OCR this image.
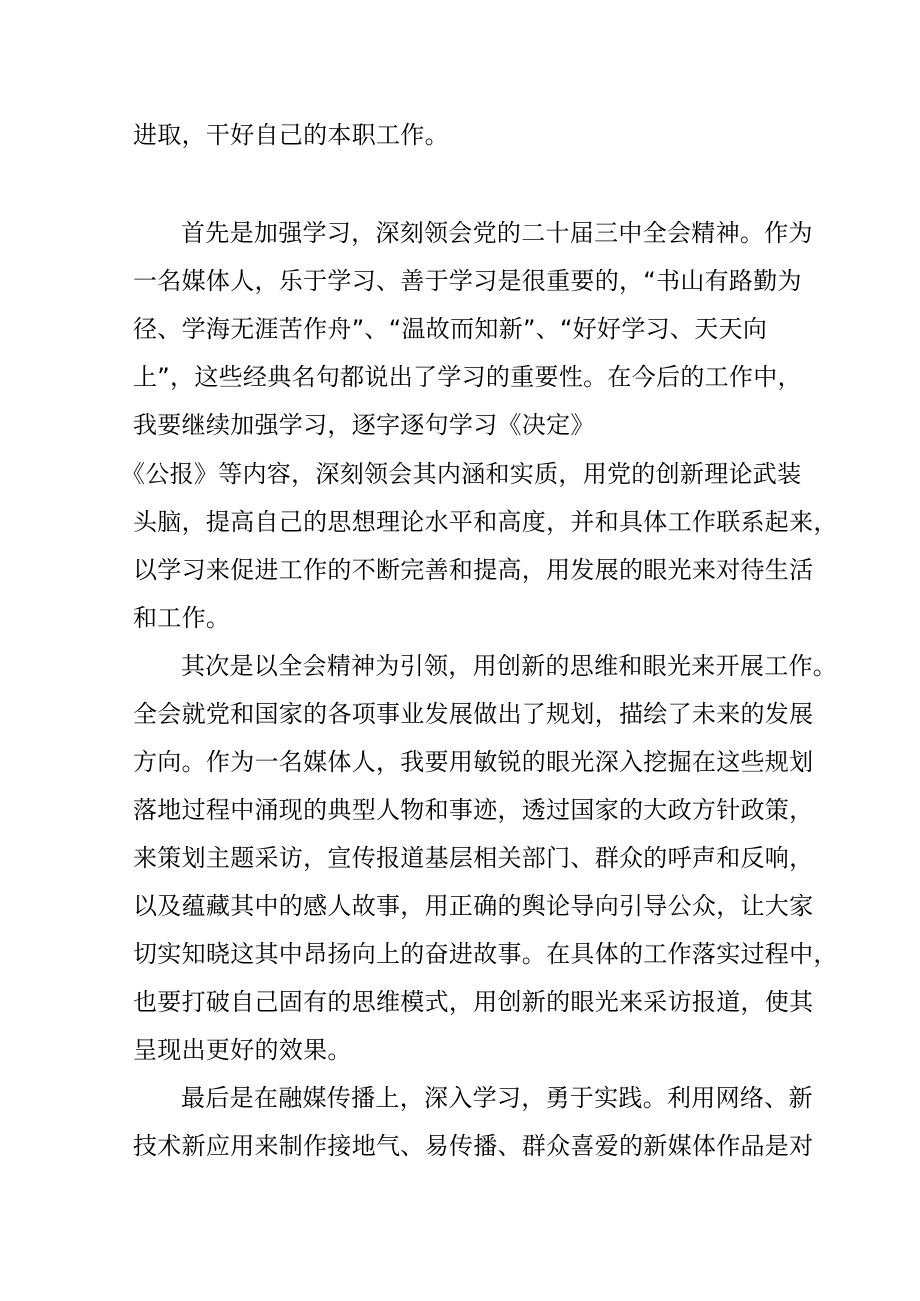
进取，干好自己的本职工作。
首先是加强学习，深刻领会党的二十届三中全会精神。作为
一名媒体人，乐于学习、善于学习是很重要的，“书山有路勤为
径、学海无涯苦作舟”、“温故而知新”、“好好学习、天天向
上”，这些经典名句都说出了学习的重要性。在今后的工作中，
我要继续加强学习，逐字逐句学习《决定》
《公报》等内容，深刻领会其内涵和实质，用党的创新理论武装
头脑，提高自己的思想理论水平和高度，并和具体工作联系起来，
以学习来促进工作的不断完善和提高，用发展的眼光来对待生活
和工作。
其次是以全会精神为引领，用创新的思维和眼光来开展工作。
全会就党和国家的各项事业发展做出了规划，描绘了未来的发展
方向。作为一名媒体人，我要用敏锐的眼光深入挖掘在这些规划
落地过程中涌现的典型人物和事迹，透过国家的大政方针政策，
来策划主题采访，宣传报道基层相关部门、群众的呼声和反响，
以及蕴藏其中的感人故事，用正确的舆论导向引导公众，让大家
切实知晓这其中昂扬向上的奋进故事。在具体的工作落实过程中，
也要打破自己固有的思维模式，用创新的眼光来采访报道，使其
呈现出更好的效果。
最后是在融媒传播上，深入学习，勇于实践。利用网络、新
技术新应用来制作接地气、易传播、群众喜爱的新媒体作品是对
